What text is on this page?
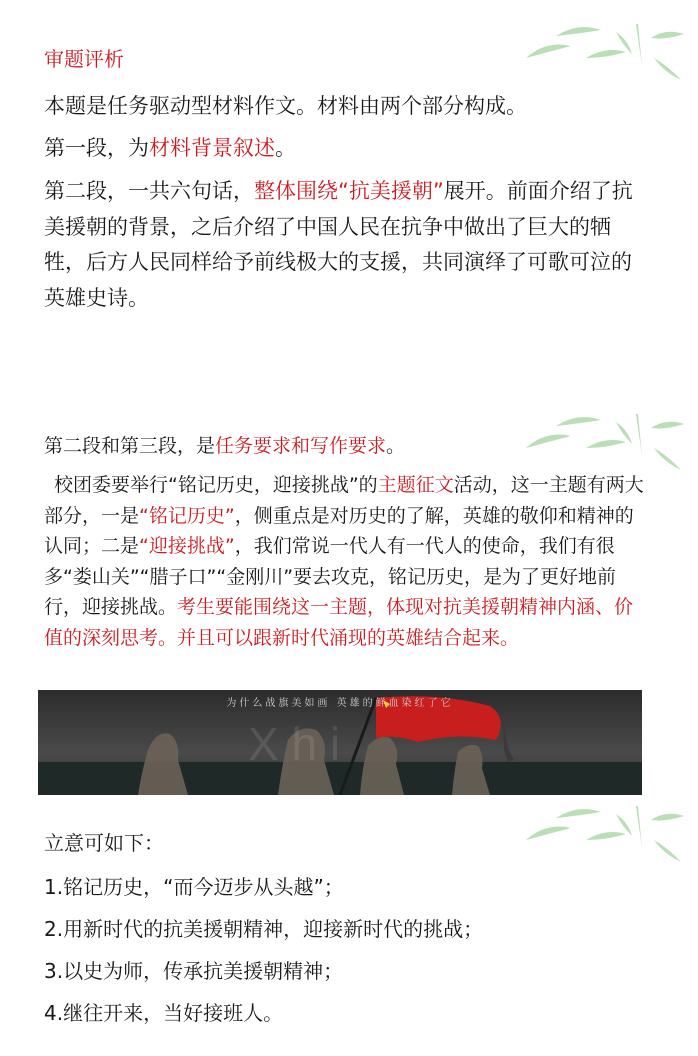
审题评析
本题是任务驱动型材料作文。材料由两个部分构成。
第一段，为材料背景叙述。
第二段，一共六句话，整体围绕“抗美援朝”展开。前面介绍了抗美援朝的背景，之后介绍了中国人民在抗争中做出了巨大的牺牲，后方人民同样给予前线极大的支援，共同演绎了可歌可泣的英雄史诗。
第二段和第三段，是任务要求和写作要求。
校团委要举行“铭记历史，迎接挑战”的主题征文活动，这一主题有两大部分，一是“铭记历史”，侧重点是对历史的了解，英雄的敬仰和精神的认同；二是“迎接挑战”，我们常说一代人有一代人的使命，我们有很多“娄山关”“腊子口”“金刚川”要去攻克，铭记历史，是为了更好地前行，迎接挑战。考生要能围绕这一主题，体现对抗美援朝精神内涵、价值的深刻思考。并且可以跟新时代涌现的英雄结合起来。
X h i
为什么战旗美如画 英雄的鲜血染红了它
立意可如下：
1.铭记历史，“而今迈步从头越”；
2.用新时代的抗美援朝精神，迎接新时代的挑战；
3.以史为师，传承抗美援朝精神；
4.继往开来，当好接班人。
